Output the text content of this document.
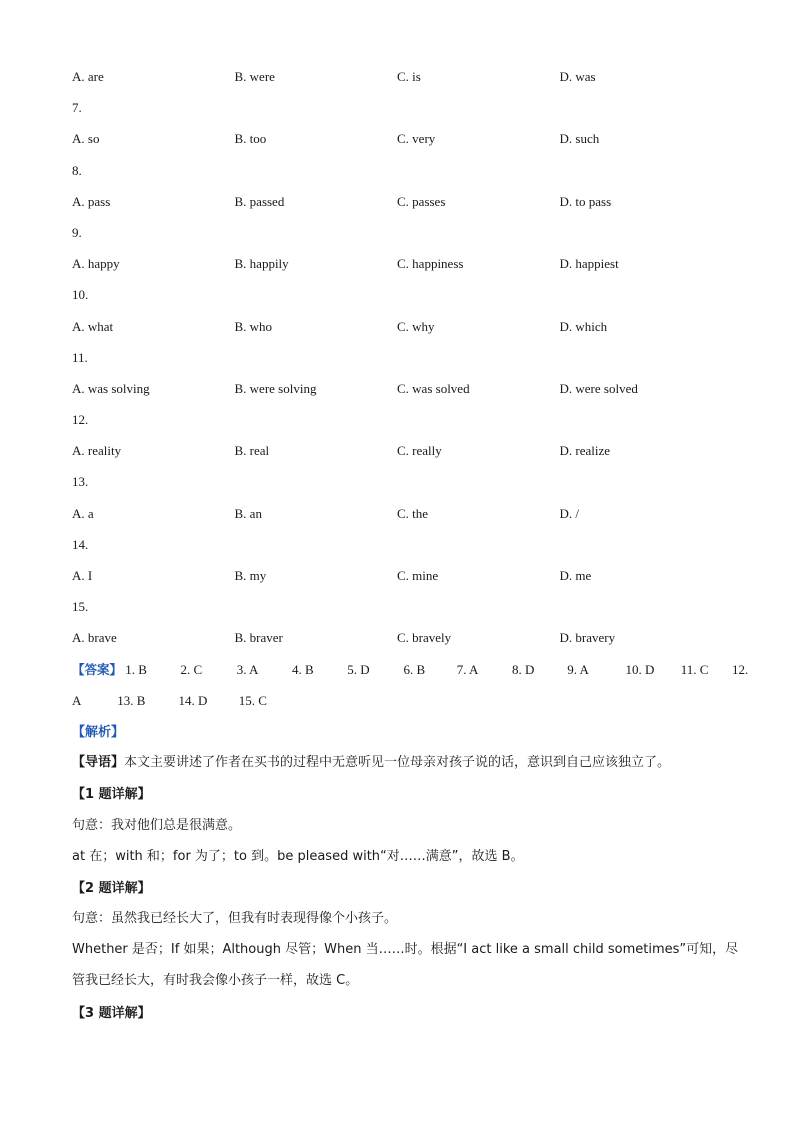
A. are	B. were	C. is	D. was
7.
A. so	B. too	C. very	D. such
8.
A. pass	B. passed	C. passes	D. to pass
9.
A. happy	B. happily	C. happiness	D. happiest
10.
A. what	B. who	C. why	D. which
11.
A. was solving	B. were solving	C. was solved	D. were solved
12.
A. reality	B. real	C. really	D. realize
13.
A. a	B. an	C. the	D. /
14.
A. I	B. my	C. mine	D. me
15.
A. brave	B. braver	C. bravely	D. bravery
【答案】 1. B	2. C	3. A	4. B	5. D	6. B 7. A	8. D	9. A	10. D 11. C 12.
A	13. B	14. D 15. C
【解析】
【导语】本文主要讲述了作者在买书的过程中无意听见一位母亲对孩子说的话，意识到自己应该独立了。
【1 题详解】
句意：我对他们总是很满意。
at 在；with 和；for 为了；to 到。be pleased with“对……满意”，故选 B。
【2 题详解】
句意：虽然我已经长大了，但我有时表现得像个小孩子。
Whether 是否；If 如果；Although 尽管；When 当……时。根据“I act like a small child sometimes”可知，尽
管我已经长大，有时我会像小孩子一样，故选 C。
【3 题详解】
